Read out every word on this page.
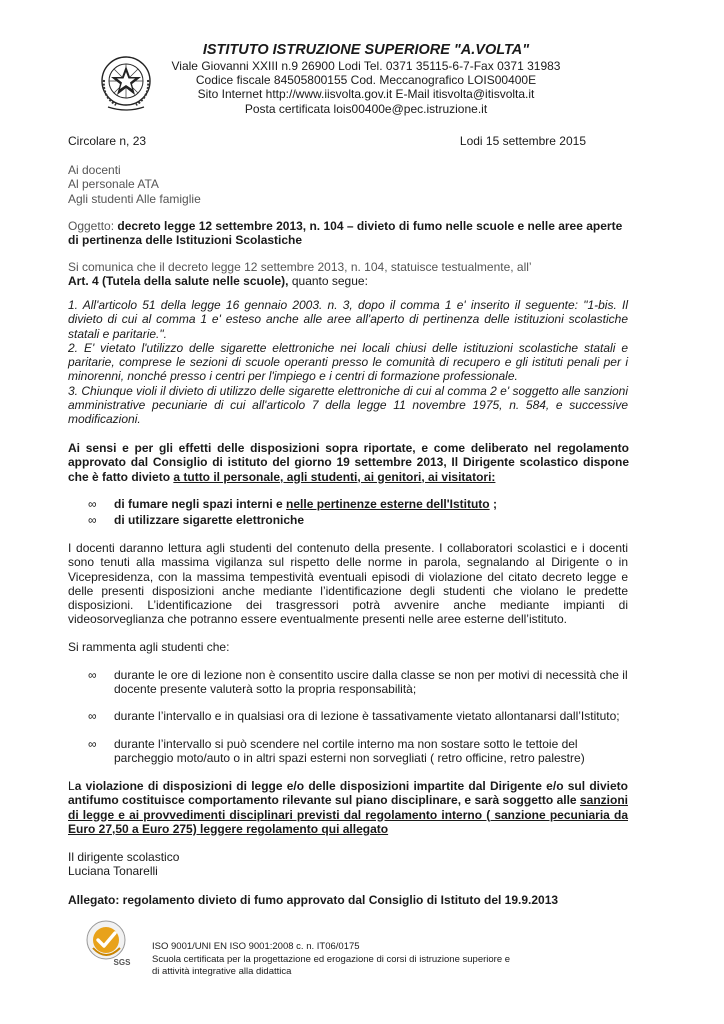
ISTITUTO ISTRUZIONE SUPERIORE "A.VOLTA"
Viale Giovanni XXIII n.9 26900 Lodi Tel. 0371 35115-6-7-Fax 0371 31983
Codice fiscale 84505800155 Cod. Meccanografico LOIS00400E
Sito Internet http://www.iisvolta.gov.it E-Mail itisvolta@itisvolta.it
Posta certificata lois00400e@pec.istruzione.it
Circolare n, 23	Lodi 15 settembre 2015
Ai docenti
Al personale ATA
Agli studenti Alle famiglie
Oggetto: decreto legge 12 settembre 2013, n. 104 – divieto di fumo nelle scuole e nelle aree aperte di pertinenza delle Istituzioni Scolastiche
Si comunica che il decreto legge 12 settembre 2013, n. 104, statuisce testualmente, all’
Art. 4 (Tutela della salute nelle scuole), quanto segue:

1. All'articolo 51 della legge 16 gennaio 2003. n. 3, dopo il comma 1 e' inserito il seguente: "1-bis. Il divieto di cui al comma 1 e' esteso anche alle aree all'aperto di pertinenza delle istituzioni scolastiche statali e paritarie.".

2. E' vietato l'utilizzo delle sigarette elettroniche nei locali chiusi delle istituzioni scolastiche statali e paritarie, comprese le sezioni di scuole operanti presso le comunità di recupero e gli istituti penali per i minorenni, nonché presso i centri per l'impiego e i centri di formazione professionale.

3. Chiunque violi il divieto di utilizzo delle sigarette elettroniche di cui al comma 2 e' soggetto alle sanzioni amministrative pecuniarie di cui all'articolo 7 della legge 11 novembre 1975, n. 584, e successive modificazioni.

Ai sensi e per gli effetti delle disposizioni sopra riportate, e come deliberato nel regolamento approvato dal Consiglio di istituto del giorno 19 settembre 2013, Il Dirigente scolastico dispone che è fatto divieto a tutto il personale, agli studenti, ai genitori, ai visitatori:
∞ di fumare negli spazi interni e nelle pertinenze esterne dell'Istituto ;
∞ di utilizzare sigarette elettroniche
I docenti daranno lettura agli studenti del contenuto della presente. I collaboratori scolastici e i docenti sono tenuti alla massima vigilanza sul rispetto delle norme in parola, segnalando al Dirigente o in Vicepresidenza, con la massima tempestività eventuali episodi di violazione del citato decreto legge e delle presenti disposizioni anche mediante l’identificazione degli studenti che violano le predette disposizioni. L’identificazione dei trasgressori potrà avvenire anche mediante impianti di videosorveglianza che potranno essere eventualmente presenti nelle aree esterne dell’istituto.
Si rammenta agli studenti che:
∞ durante le ore di lezione non è consentito uscire dalla classe se non per motivi di necessità che il docente presente valuterà sotto la propria responsabilità;
∞ durante l’intervallo e in qualsiasi ora di lezione è tassativamente vietato allontanarsi dall’Istituto;
∞ durante l’intervallo si può scendere nel cortile interno ma non sostare sotto le tettoie del parcheggio moto/auto o in altri spazi esterni non sorvegliati ( retro officine, retro palestre)
La violazione di disposizioni di legge e/o delle disposizioni impartite dal Dirigente e/o sul divieto antifumo costituisce comportamento rilevante sul piano disciplinare, e sarà soggetto alle sanzioni di legge e ai provvedimenti disciplinari previsti dal regolamento interno ( sanzione pecuniaria da Euro 27,50 a Euro 275) leggere regolamento qui allegato
Il dirigente scolastico
Luciana Tonarelli
Allegato: regolamento divieto di fumo approvato dal Consiglio di Istituto del 19.9.2013
SGS
ISO 9001/UNI EN ISO 9001:2008 c. n. IT06/0175
Scuola certificata per la progettazione ed erogazione di corsi di istruzione superiore e
di attività integrative alla didattica
